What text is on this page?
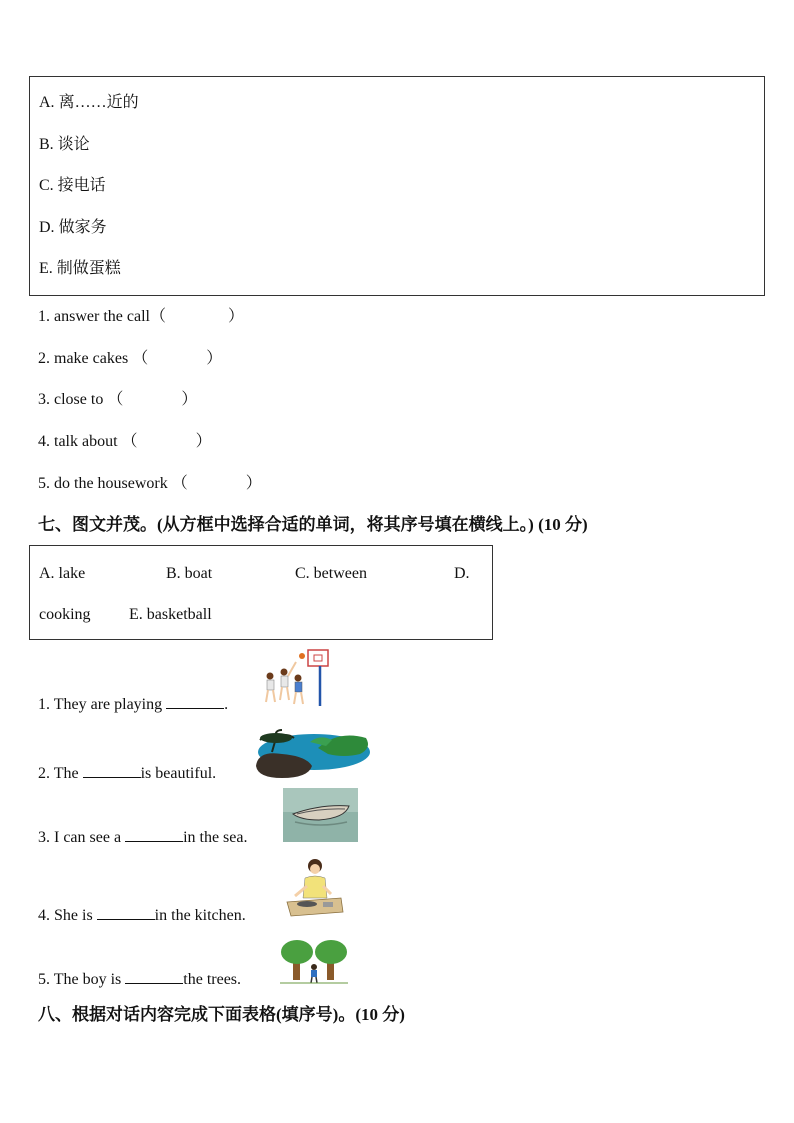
A. 离……近的
B. 谈论
C. 接电话
D. 做家务
E. 制做蛋糕
1. answer the call（	）
2. make cakes （	）
3. close to （	）
4. talk about （	）
5. do the housework （	）
七、图文并茂。(从方框中选择合适的单词，将其序号填在横线上。) (10 分)
A. lake	B. boat	C. between	D.
cooking E. basketball
1. They are playing	.
2. The	is beautiful.
3. I can see a	in the sea.
4. She is	in the kitchen.
5. The boy is	the trees.
八、根据对话内容完成下面表格(填序号)。(10 分)
